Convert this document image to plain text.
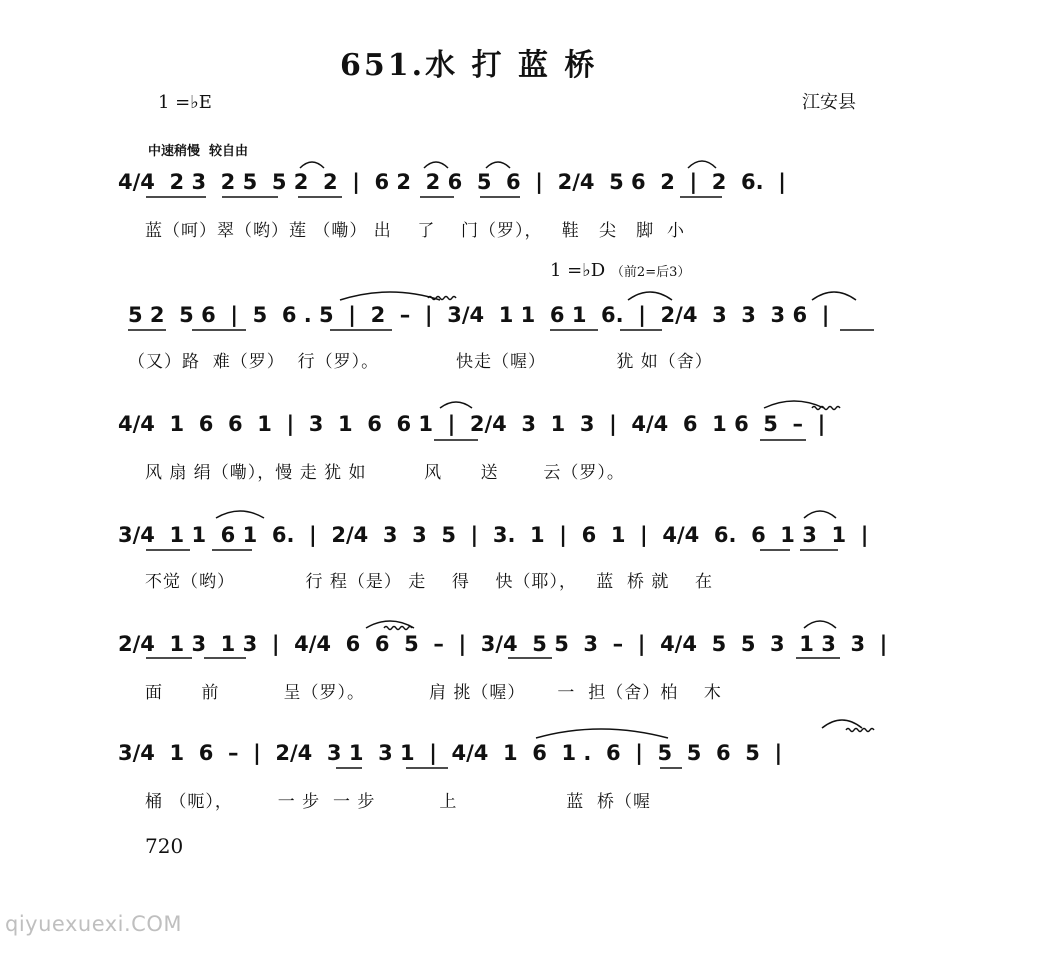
651.水 打 蓝 桥
1 =♭E	江安县
中速稍慢  较自由
1 =♭D （前2=后3）
4/4  2 3  2 5  5 2  2  |  6 2  2 6  5  6  |  2/4  5 6  2  |  2  6.  |
蓝（呵）翠（哟）莲 （嘞） 出    了    门（罗），   鞋   尖   脚  小
5 2  5 6  |  5  6 . 5  |  2  –  |  3/4  1 1  6 1  6.  |  2/4  3  3  3 6  |
（又）路  难（罗）  行（罗）。            快走（喔）           犹 如（舍）
4/4  1  6  6  1  |  3  1  6  6 1  |  2/4  3  1  3  |  4/4  6  1 6  5  –  |
风 扇 绢（嘞），慢 走 犹 如         风      送       云（罗）。
3/4  1 1  6 1  6.  |  2/4  3  3  5  |  3.  1  |  6  1  |  4/4  6.  6  1 3  1  |
不觉（哟）           行 程（是） 走    得    快（耶），   蓝  桥 就    在
2/4  1 3  1 3  |  4/4  6  6  5  –  |  3/4  5 5  3  –  |  4/4  5  5  3  1 3  3  |
面      前          呈（罗）。          肩 挑（喔）     一  担（舍）柏    木
3/4  1  6  –  |  2/4  3 1  3 1  |  4/4  1  6  1 .  6  |  5  5  6  5  |
桶 （呃），       一 步  一 步          上                 蓝  桥（喔
720
qiyuexuexi.COM
